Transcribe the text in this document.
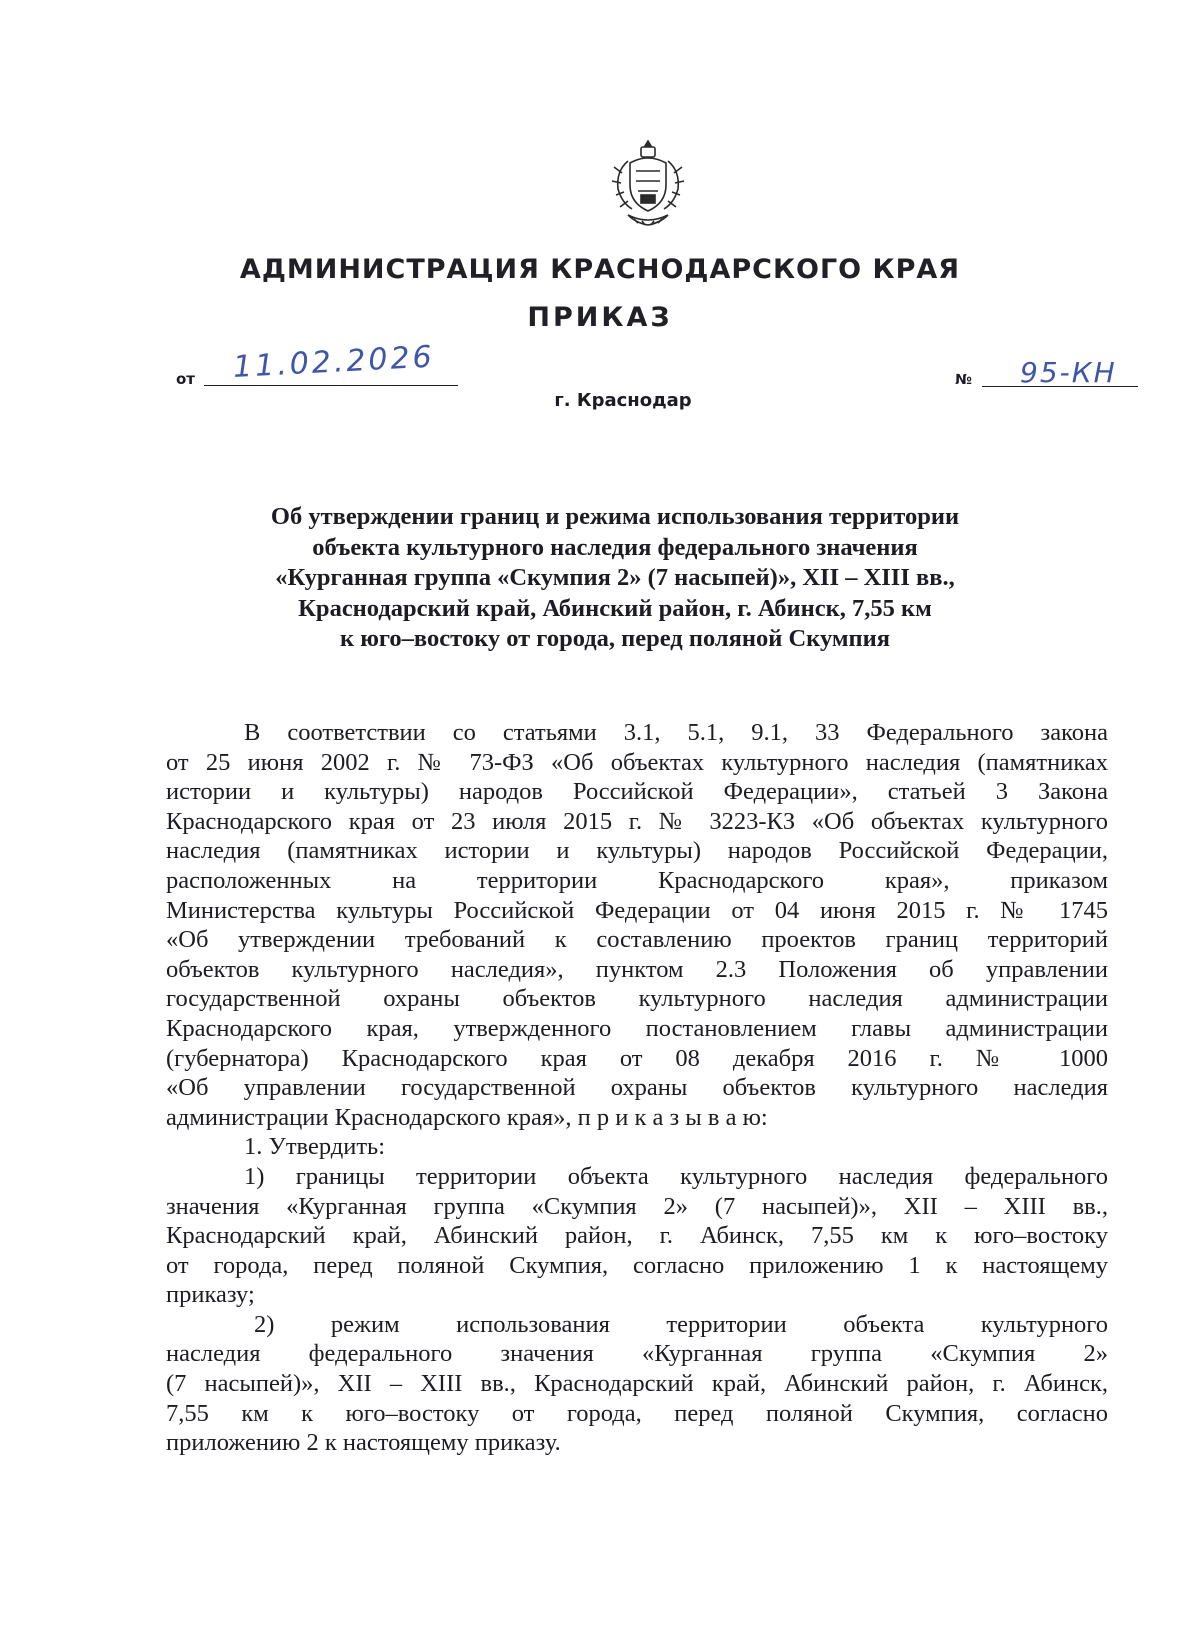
АДМИНИСТРАЦИЯ КРАСНОДАРСКОГО КРАЯ
ПРИКАЗ
от 11.02.2026	№ 95-КН
г. Краснодар
Об утверждении границ и режима использования территории
объекта культурного наследия федерального значения
«Курганная группа «Скумпия 2» (7 насыпей)», XII – XIII вв.,
Краснодарский край, Абинский район, г. Абинск, 7,55 км
к юго–востоку от города, перед поляной Скумпия
В соответствии со статьями 3.1, 5.1, 9.1, 33 Федерального закона
от 25 июня 2002 г. № 73-ФЗ «Об объектах культурного наследия (памятниках
истории и культуры) народов Российской Федерации», статьей 3 Закона
Краснодарского края от 23 июля 2015 г. № 3223-КЗ «Об объектах культурного
наследия (памятниках истории и культуры) народов Российской Федерации,
расположенных на территории Краснодарского края», приказом
Министерства культуры Российской Федерации от 04 июня 2015 г. № 1745
«Об утверждении требований к составлению проектов границ территорий
объектов культурного наследия», пунктом 2.3 Положения об управлении
государственной охраны объектов культурного наследия администрации
Краснодарского края, утвержденного постановлением главы администрации
(губернатора) Краснодарского края от 08 декабря 2016 г. № 1000
«Об управлении государственной охраны объектов культурного наследия
администрации Краснодарского края», п р и к а з ы в а ю:
1. Утвердить:
1) границы территории объекта культурного наследия федерального
значения «Курганная группа «Скумпия 2» (7 насыпей)», XII – XIII вв.,
Краснодарский край, Абинский район, г. Абинск, 7,55 км к юго–востоку
от города, перед поляной Скумпия, согласно приложению 1 к настоящему
приказу;
2) режим использования территории объекта культурного
наследия федерального значения «Курганная группа «Скумпия 2»
(7 насыпей)», XII – XIII вв., Краснодарский край, Абинский район, г. Абинск,
7,55 км к юго–востоку от города, перед поляной Скумпия, согласно
приложению 2 к настоящему приказу.
